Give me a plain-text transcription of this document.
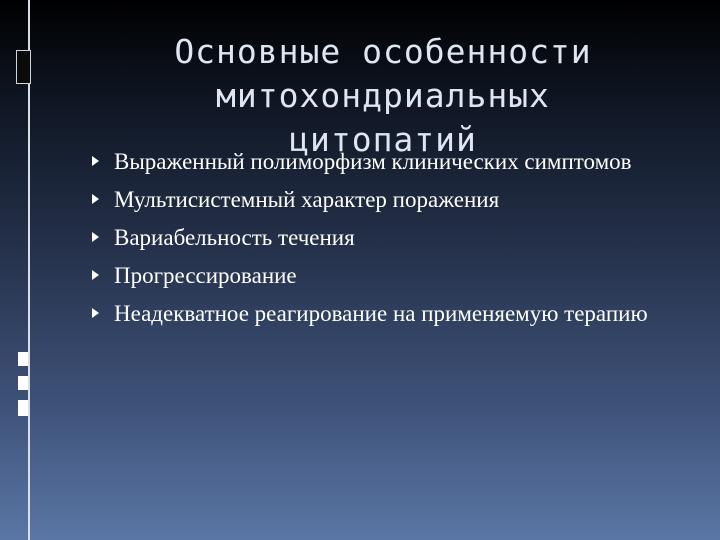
Основные особенности
митохондриальных
цитопатий
Выраженный полиморфизм клинических симптомов
Мультисистемный характер поражения
Вариабельность течения
Прогрессирование
Неадекватное реагирование на применяемую терапию
